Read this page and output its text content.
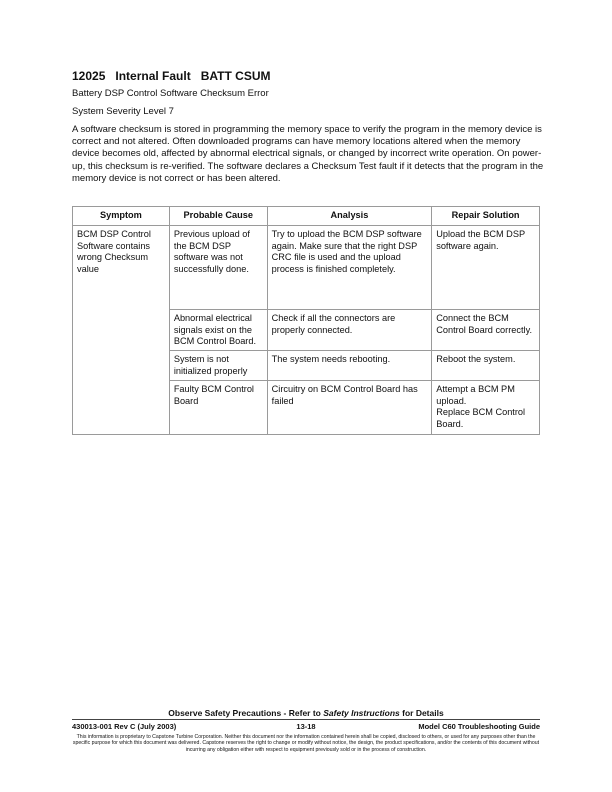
12025 Internal Fault BATT CSUM
Battery DSP Control Software Checksum Error
System Severity Level 7

A software checksum is stored in programming the memory space to verify the program in the memory device is correct and not altered. Often downloaded programs can have memory locations altered when the memory device becomes old, affected by abnormal electrical signals, or changed by incorrect write operation. On power-up, this checksum is re-verified. The software declares a Checksum Test fault if it detects that the program in the memory device is not correct or has been altered.

Symptom	Probable Cause	Analysis	Repair Solution
BCM DSP Control Software contains wrong Checksum value	Previous upload of the BCM DSP software was not successfully done.	Try to upload the BCM DSP software again. Make sure that the right DSP CRC file is used and the upload process is finished completely.	Upload the BCM DSP software again.
	Abnormal electrical signals exist on the BCM Control Board.	Check if all the connectors are properly connected.	Connect the BCM Control Board correctly.
	System is not initialized properly	The system needs rebooting.	Reboot the system.
	Faulty BCM Control Board	Circuitry on BCM Control Board has failed	Attempt a BCM PM upload.
Replace BCM Control Board.
Observe Safety Precautions - Refer to Safety Instructions for Details
430013-001 Rev C (July 2003)	13-18	Model C60 Troubleshooting Guide
This information is proprietary to Capstone Turbine Corporation. Neither this document nor the information contained herein shall be copied, disclosed to others, or used for any purposes other than the specific purpose for which this document was delivered. Capstone reserves the right to change or modify without notice, the design, the product specifications, and/or the contents of this document without incurring any obligation either with respect to equipment previously sold or in the process of construction.
